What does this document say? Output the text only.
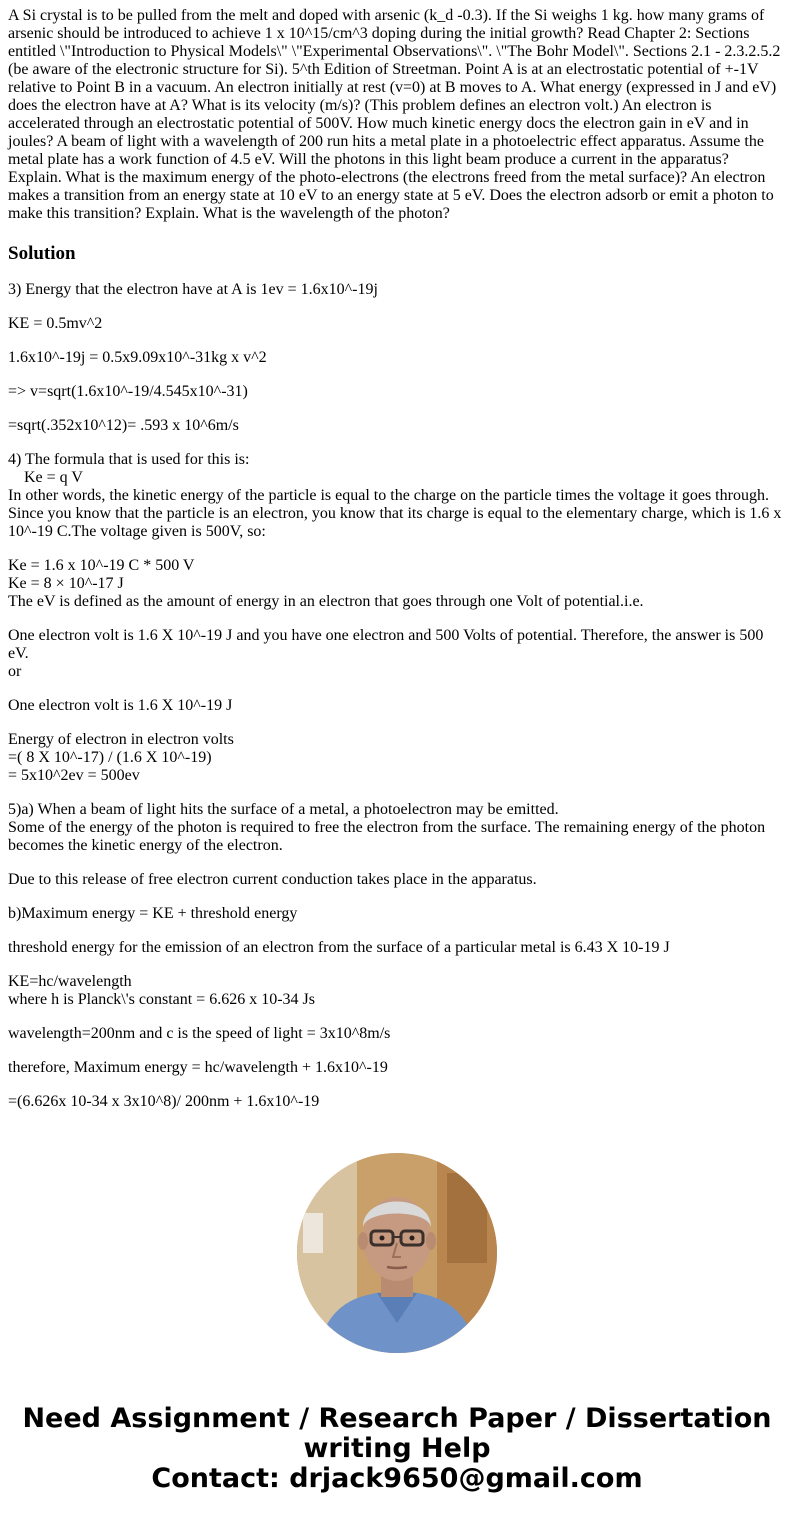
A Si crystal is to be pulled from the melt and doped with arsenic (k_d -0.3). If the Si weighs 1 kg. how many grams of arsenic should be introduced to achieve 1 x 10^15/cm^3 doping during the initial growth? Read Chapter 2: Sections entitled \"Introduction to Physical Models\" \"Experimental Observations\". \"The Bohr Model\". Sections 2.1 - 2.3.2.5.2 (be aware of the electronic structure for Si). 5^th Edition of Streetman. Point A is at an electrostatic potential of +-1V relative to Point B in a vacuum. An electron initially at rest (v=0) at B moves to A. What energy (expressed in J and eV) does the electron have at A? What is its velocity (m/s)? (This problem defines an electron volt.) An electron is accelerated through an electrostatic potential of 500V. How much kinetic energy docs the electron gain in eV and in joules? A beam of light with a wavelength of 200 run hits a metal plate in a photoelectric effect apparatus. Assume the metal plate has a work function of 4.5 eV. Will the photons in this light beam produce a current in the apparatus? Explain. What is the maximum energy of the photo-electrons (the electrons freed from the metal surface)? An electron makes a transition from an energy state at 10 eV to an energy state at 5 eV. Does the electron adsorb or emit a photon to make this transition? Explain. What is the wavelength of the photon?

Solution
3) Energy that the electron have at A is 1ev = 1.6x10^-19j
KE = 0.5mv^2
1.6x10^-19j = 0.5x9.09x10^-31kg x v^2
=> v=sqrt(1.6x10^-19/4.545x10^-31)
=sqrt(.352x10^12)= .593 x 10^6m/s
4) The formula that is used for this is:
Ke = q V
In other words, the kinetic energy of the particle is equal to the charge on the particle times the voltage it goes through. Since you know that the particle is an electron, you know that its charge is equal to the elementary charge, which is 1.6 x 10^-19 C.The voltage given is 500V, so:
Ke = 1.6 x 10^-19 C * 500 V
Ke = 8 × 10^-17 J
The eV is defined as the amount of energy in an electron that goes through one Volt of potential.i.e.
One electron volt is 1.6 X 10^-19 J and you have one electron and 500 Volts of potential. Therefore, the answer is 500 eV.
or
One electron volt is 1.6 X 10^-19 J
Energy of electron in electron volts
=( 8 X 10^-17) / (1.6 X 10^-19)
= 5x10^2ev = 500ev
5)a) When a beam of light hits the surface of a metal, a photoelectron may be emitted.
Some of the energy of the photon is required to free the electron from the surface. The remaining energy of the photon becomes the kinetic energy of the electron.
Due to this release of free electron current conduction takes place in the apparatus.
b)Maximum energy = KE + threshold energy
threshold energy for the emission of an electron from the surface of a particular metal is 6.43 X 10-19 J
KE=hc/wavelength
where h is Planck\'s constant = 6.626 x 10-34 Js
wavelength=200nm and c is the speed of light = 3x10^8m/s
therefore, Maximum energy = hc/wavelength + 1.6x10^-19
=(6.626x 10-34 x 3x10^8)/ 200nm + 1.6x10^-19
Need Assignment / Research Paper / Dissertation
writing Help
Contact: drjack9650@gmail.com
